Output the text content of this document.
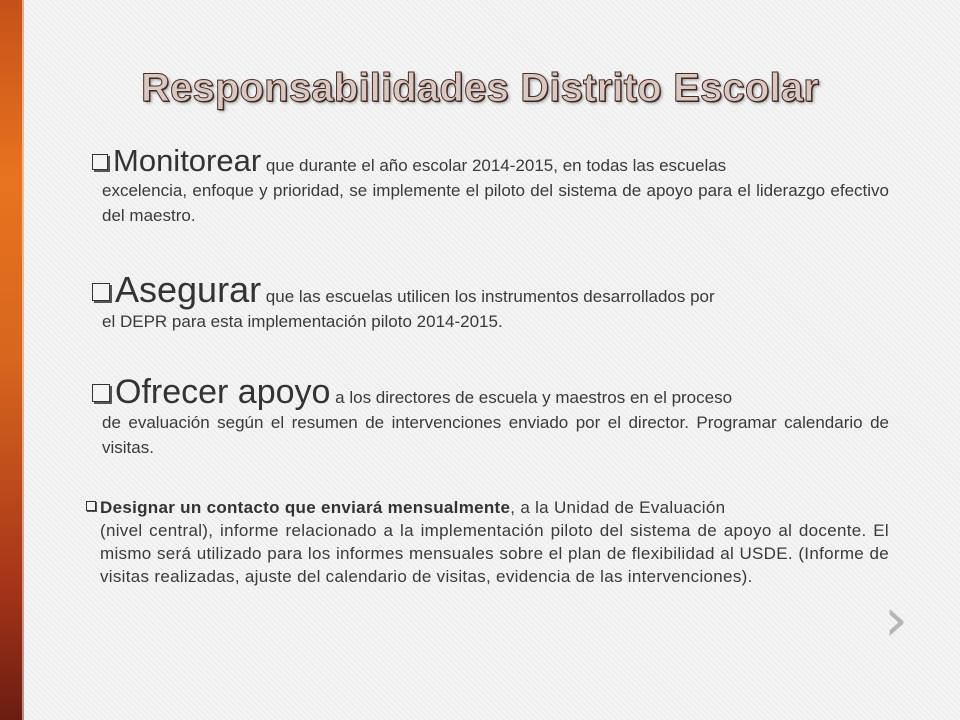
Responsabilidades Distrito Escolar
Monitorear que durante el año escolar 2014-2015, en todas las escuelas
excelencia, enfoque y prioridad, se implemente el piloto del sistema de apoyo para el liderazgo efectivo del maestro.
Asegurar que las escuelas utilicen los instrumentos desarrollados por
el DEPR para esta implementación piloto 2014-2015.
Ofrecer apoyo a los directores de escuela y maestros en el proceso
de evaluación según el resumen de intervenciones enviado por el director. Programar calendario de visitas.
Designar un contacto que enviará mensualmente, a la Unidad de Evaluación
(nivel central), informe relacionado a la implementación piloto del sistema de apoyo al docente. El mismo será utilizado para los informes mensuales sobre el plan de flexibilidad al USDE. (Informe de visitas realizadas, ajuste del calendario de visitas, evidencia de las intervenciones).
›
